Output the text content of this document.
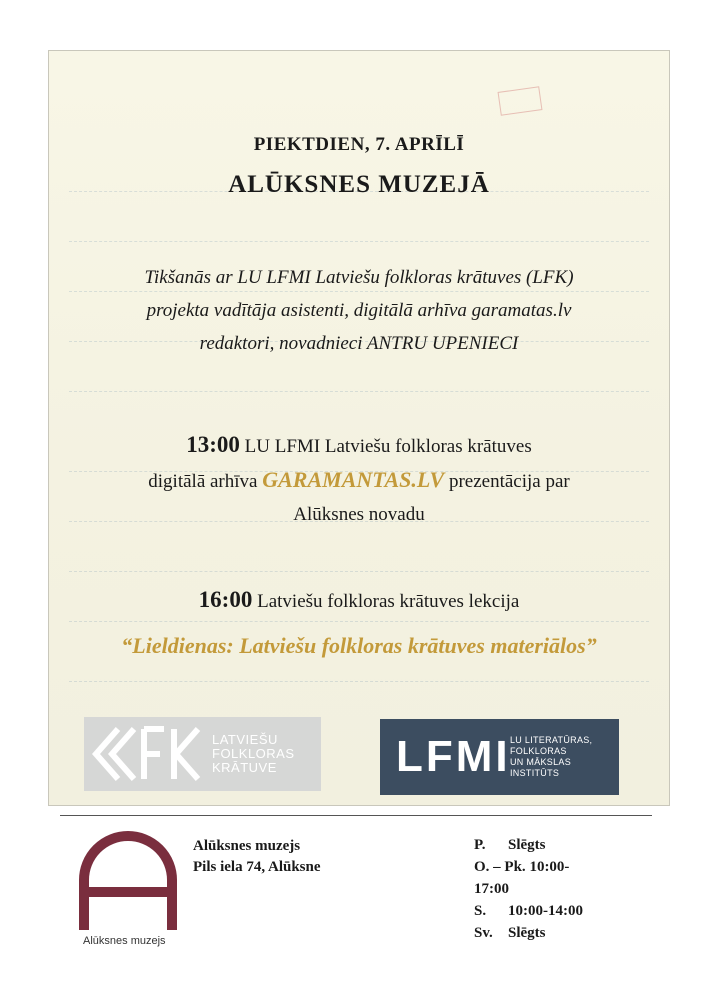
PIEKTDIEN, 7. APRĪLĪ
ALŪKSNES MUZEJĀ
Tikšanās ar LU LFMI Latviešu folkloras krātuves (LFK)
projekta vadītāja asistenti, digitālā arhīva garamatas.lv
redaktori, novadnieci ANTRU UPENIECI
13:00 LU LFMI Latviešu folkloras krātuves
digitālā arhīva GARAMANTAS.LV prezentācija par
Alūksnes novadu
16:00 Latviešu folkloras krātuves lekcija
“Lieldienas: Latviešu folkloras krātuves materiālos”
LATVIEŠU
FOLKLORAS
KRĀTUVE	LFMI LU LITERATŪRAS,
FOLKLORAS
UN MĀKSLAS
INSTITŪTS
Alūksnes muzejs
Alūksnes muzejs
Pils iela 74, Alūksne
P.	Slēgts
O. – Pk. 10:00-17:00	
S.	10:00-14:00
Sv.	Slēgts
